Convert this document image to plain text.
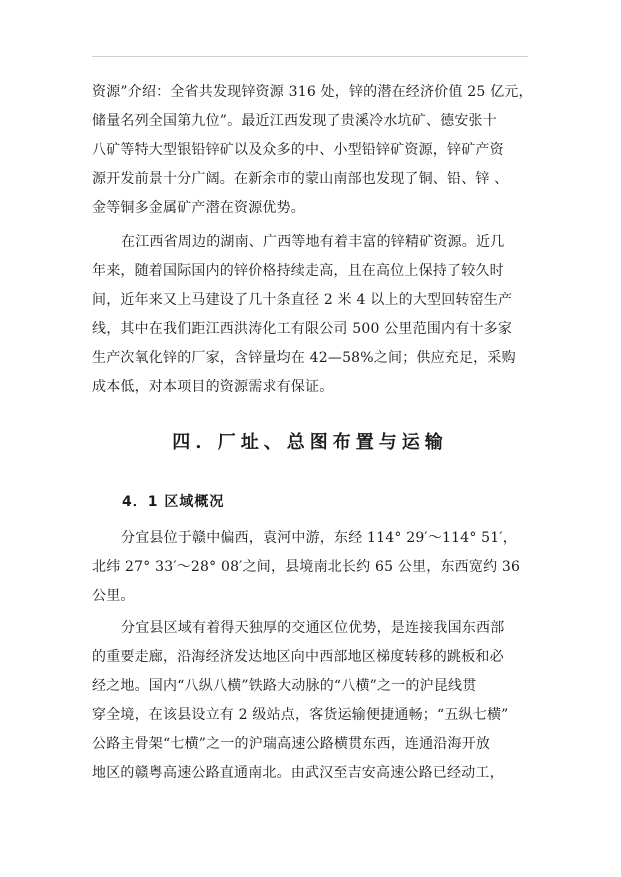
资源”介绍：全省共发现锌资源 316 处，锌的潜在经济价值 25 亿元，
储量名列全国第九位”。最近江西发现了贵溪冷水坑矿、德安张十
八矿等特大型银铅锌矿以及众多的中、小型铅锌矿资源，锌矿产资
源开发前景十分广阔。在新余市的蒙山南部也发现了铜、铅、锌 、
金等铜多金属矿产潜在资源优势。

在江西省周边的湖南、广西等地有着丰富的锌精矿资源。近几
年来，随着国际国内的锌价格持续走高，且在高位上保持了较久时
间，近年来又上马建设了几十条直径 2 米 4 以上的大型回转窑生产
线，其中在我们距江西洪涛化工有限公司 500 公里范围内有十多家
生产次氧化锌的厂家，含锌量均在 42—58%之间；供应充足，采购
成本低，对本项目的资源需求有保证。

四. 厂址、总图布置与运输
4．1 区域概况

分宜县位于赣中偏西，袁河中游，东经 114° 29′～114° 51′，
北纬 27° 33′～28° 08′之间，县境南北长约 65 公里，东西宽约 36
公里。

分宜县区域有着得天独厚的交通区位优势，是连接我国东西部
的重要走廊，沿海经济发达地区向中西部地区梯度转移的跳板和必
经之地。国内“八纵八横”铁路大动脉的“八横”之一的沪昆线贯
穿全境，在该县设立有 2 级站点，客货运输便捷通畅；“五纵七横”
公路主骨架“七横”之一的沪瑞高速公路横贯东西，连通沿海开放
地区的赣粤高速公路直通南北。由武汉至吉安高速公路已经动工，
